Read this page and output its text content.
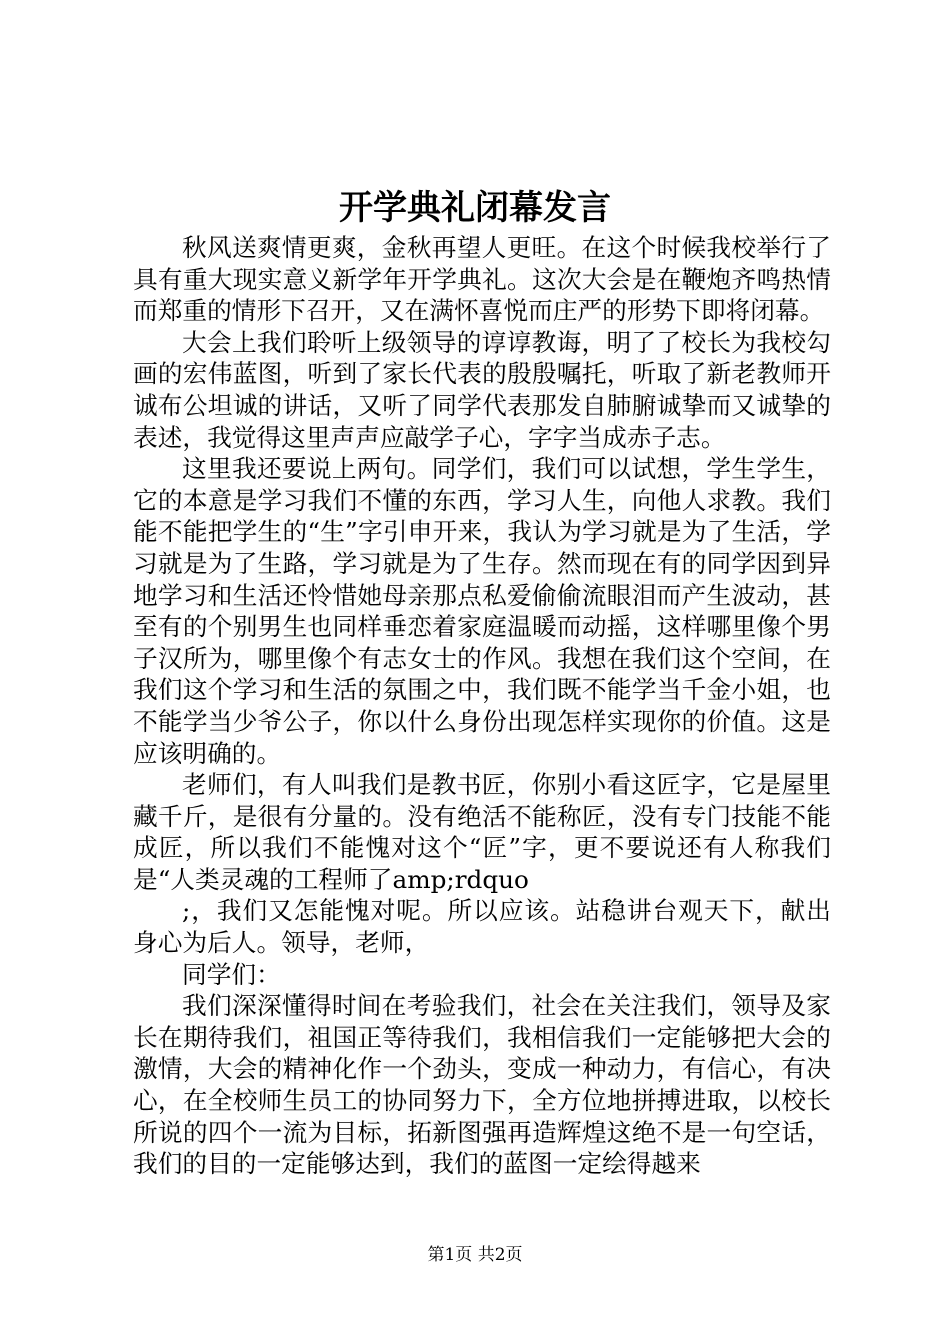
开学典礼闭幕发言

秋风送爽情更爽，金秋再望人更旺。在这个时候我校举行了具有重大现实意义新学年开学典礼。这次大会是在鞭炮齐鸣热情而郑重的情形下召开，又在满怀喜悦而庄严的形势下即将闭幕。

大会上我们聆听上级领导的谆谆教诲，明了了校长为我校勾画的宏伟蓝图，听到了家长代表的殷殷嘱托，听取了新老教师开诚布公坦诚的讲话，又听了同学代表那发自肺腑诚挚而又诚挚的表述，我觉得这里声声应敲学子心，字字当成赤子志。

这里我还要说上两句。同学们，我们可以试想，学生学生，它的本意是学习我们不懂的东西，学习人生，向他人求教。我们能不能把学生的“生”字引申开来，我认为学习就是为了生活，学习就是为了生路，学习就是为了生存。然而现在有的同学因到异地学习和生活还怜惜她母亲那点私爱偷偷流眼泪而产生波动，甚至有的个别男生也同样垂恋着家庭温暖而动摇，这样哪里像个男子汉所为，哪里像个有志女士的作风。我想在我们这个空间，在我们这个学习和生活的氛围之中，我们既不能学当千金小姐，也不能学当少爷公子，你以什么身份出现怎样实现你的价值。这是应该明确的。

老师们，有人叫我们是教书匠，你别小看这匠字，它是屋里藏千斤，是很有分量的。没有绝活不能称匠，没有专门技能不能成匠，所以我们不能愧对这个“匠”字，更不要说还有人称我们是“人类灵魂的工程师了amp;rdquo

;，我们又怎能愧对呢。所以应该。站稳讲台观天下，献出身心为后人。领导，老师，

同学们：

我们深深懂得时间在考验我们，社会在关注我们，领导及家长在期待我们，祖国正等待我们，我相信我们一定能够把大会的激情，大会的精神化作一个劲头，变成一种动力，有信心，有决心，在全校师生员工的协同努力下，全方位地拼搏进取，以校长所说的四个一流为目标，拓新图强再造辉煌这绝不是一句空话，我们的目的一定能够达到，我们的蓝图一定绘得越来

第1页 共2页
